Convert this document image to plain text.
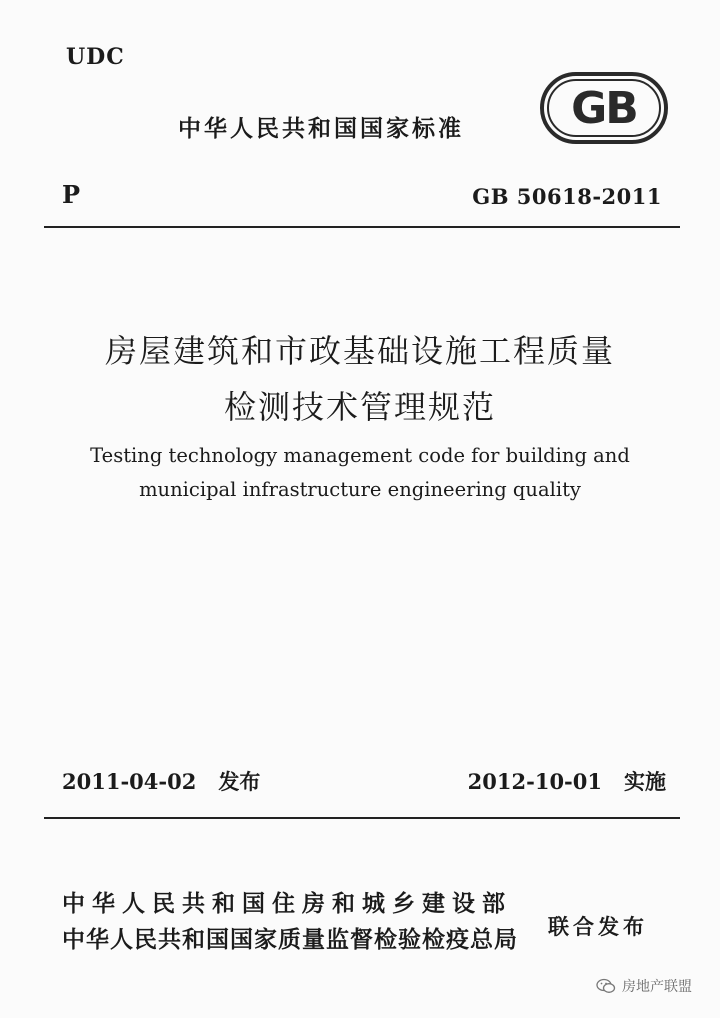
UDC
中华人民共和国国家标准 GB
P	GB 50618-2011
房屋建筑和市政基础设施工程质量
检测技术管理规范
Testing technology management code for building and
municipal infrastructure engineering quality
2011-04-02 发布	2012-10-01 实施
中华人民共和国住房和城乡建设部
中华人民共和国国家质量监督检验检疫总局 联合发布
房地产联盟
